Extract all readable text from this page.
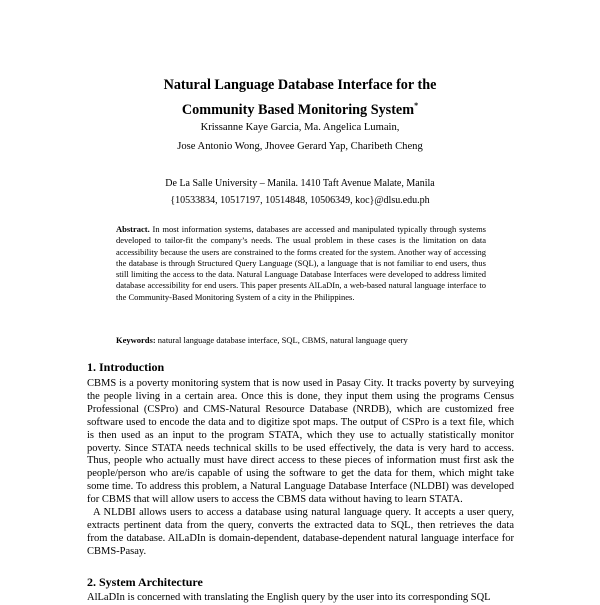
Natural Language Database Interface for the
Community Based Monitoring System*
Krissanne Kaye Garcia, Ma. Angelica Lumain,
Jose Antonio Wong, Jhovee Gerard Yap, Charibeth Cheng
De La Salle University – Manila. 1410 Taft Avenue Malate, Manila
{10533834, 10517197, 10514848, 10506349, koc}@dlsu.edu.ph

Abstract. In most information systems, databases are accessed and manipulated typically through systems developed to tailor-fit the company’s needs. The usual problem in these cases is the limitation on data accessibility because the users are constrained to the forms created for the system. Another way of accessing the database is through Structured Query Language (SQL), a language that is not familiar to end users, thus still limiting the access to the data. Natural Language Database Interfaces were developed to address limited database accessibility for end users. This paper presents AlLaDIn, a web-based natural language interface to the Community-Based Monitoring System of a city in the Philippines.

Keywords: natural language database interface, SQL, CBMS, natural language query
1. Introduction

CBMS is a poverty monitoring system that is now used in Pasay City. It tracks poverty by surveying the people living in a certain area. Once this is done, they input them using the programs Census Professional (CSPro) and CMS-Natural Resource Database (NRDB), which are customized free software used to encode the data and to digitize spot maps. The output of CSPro is a text file, which is then used as an input to the program STATA, which they use to actually statistically monitor poverty. Since STATA needs technical skills to be used effectively, the data is very hard to access. Thus, people who actually must have direct access to these pieces of information must first ask the people/person who are/is capable of using the software to get the data for them, which might take some time. To address this problem, a Natural Language Database Interface (NLDBI) was developed for CBMS that will allow users to access the CBMS data without having to learn STATA.

A NLDBI allows users to access a database using natural language query. It accepts a user query, extracts pertinent data from the query, converts the extracted data to SQL, then retrieves the data from the database. AlLaDIn is domain-dependent, database-dependent natural language interface for CBMS-Pasay.

2. System Architecture

AlLaDIn is concerned with translating the English query by the user into its corresponding SQL
